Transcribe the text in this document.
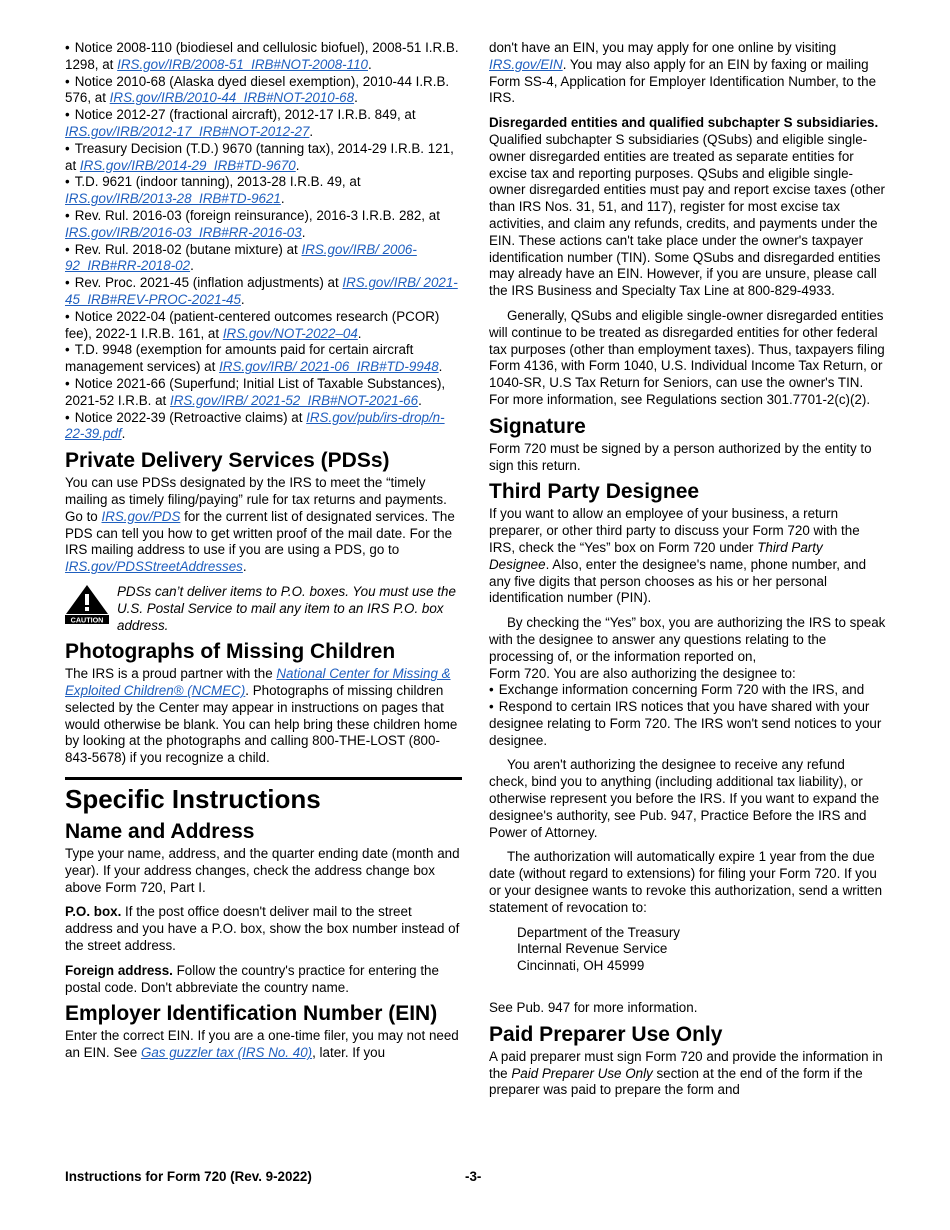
• Notice 2008-110 (biodiesel and cellulosic biofuel), 2008-51 I.R.B. 1298, at IRS.gov/IRB/2008-51_IRB#NOT-2008-110.

• Notice 2010-68 (Alaska dyed diesel exemption), 2010-44 I.R.B. 576, at IRS.gov/IRB/2010-44_IRB#NOT-2010-68.

• Notice 2012-27 (fractional aircraft), 2012-17 I.R.B. 849, at IRS.gov/IRB/2012-17_IRB#NOT-2012-27.

• Treasury Decision (T.D.) 9670 (tanning tax), 2014-29 I.R.B. 121, at IRS.gov/IRB/2014-29_IRB#TD-9670.

• T.D. 9621 (indoor tanning), 2013-28 I.R.B. 49, at IRS.gov/IRB/2013-28_IRB#TD-9621.

• Rev. Rul. 2016-03 (foreign reinsurance), 2016-3 I.R.B. 282, at IRS.gov/IRB/2016-03_IRB#RR-2016-03.

• Rev. Rul. 2018-02 (butane mixture) at IRS.gov/IRB/ 2006-92_IRB#RR-2018-02.

• Rev. Proc. 2021-45 (inflation adjustments) at IRS.gov/IRB/ 2021-45_IRB#REV-PROC-2021-45.

• Notice 2022-04 (patient-centered outcomes research (PCOR) fee), 2022-1 I.R.B. 161, at IRS.gov/NOT-2022–04.

• T.D. 9948 (exemption for amounts paid for certain aircraft management services) at IRS.gov/IRB/ 2021-06_IRB#TD-9948.

• Notice 2021-66 (Superfund; Initial List of Taxable Substances), 2021-52 I.R.B. at IRS.gov/IRB/ 2021-52_IRB#NOT-2021-66.

• Notice 2022-39 (Retroactive claims) at IRS.gov/pub/irs-drop/n-22-39.pdf.

Private Delivery Services (PDSs)

You can use PDSs designated by the IRS to meet the “timely mailing as timely filing/paying” rule for tax returns and payments. Go to IRS.gov/PDS for the current list of designated services. The PDS can tell you how to get written proof of the mail date. For the IRS mailing address to use if you are using a PDS, go to IRS.gov/PDSStreetAddresses.

CAUTION

PDSs can’t deliver items to P.O. boxes. You must use the U.S. Postal Service to mail any item to an IRS P.O. box address.

Photographs of Missing Children

The IRS is a proud partner with the National Center for Missing & Exploited Children® (NCMEC). Photographs of missing children selected by the Center may appear in instructions on pages that would otherwise be blank. You can help bring these children home by looking at the photographs and calling 800-THE-LOST (800-843-5678) if you recognize a child.

Specific Instructions
Name and Address

Type your name, address, and the quarter ending date (month and year). If your address changes, check the address change box above Form 720, Part I.

P.O. box. If the post office doesn't deliver mail to the street address and you have a P.O. box, show the box number instead of the street address.

Foreign address. Follow the country's practice for entering the postal code. Don't abbreviate the country name.

Employer Identification Number (EIN)

Enter the correct EIN. If you are a one-time filer, you may not need an EIN. See Gas guzzler tax (IRS No. 40), later. If you

don't have an EIN, you may apply for one online by visiting IRS.gov/EIN. You may also apply for an EIN by faxing or mailing Form SS-4, Application for Employer Identification Number, to the IRS.

Disregarded entities and qualified subchapter S subsidiaries. Qualified subchapter S subsidiaries (QSubs) and eligible single-owner disregarded entities are treated as separate entities for excise tax and reporting purposes. QSubs and eligible single-owner disregarded entities must pay and report excise taxes (other than IRS Nos. 31, 51, and 117), register for most excise tax activities, and claim any refunds, credits, and payments under the EIN. These actions can't take place under the owner's taxpayer identification number (TIN). Some QSubs and disregarded entities may already have an EIN. However, if you are unsure, please call the IRS Business and Specialty Tax Line at 800-829-4933.

Generally, QSubs and eligible single-owner disregarded entities will continue to be treated as disregarded entities for other federal tax purposes (other than employment taxes). Thus, taxpayers filing Form 4136, with Form 1040, U.S. Individual Income Tax Return, or 1040-SR, U.S Tax Return for Seniors, can use the owner's TIN. For more information, see Regulations section 301.7701-2(c)(2).

Signature

Form 720 must be signed by a person authorized by the entity to sign this return.

Third Party Designee

If you want to allow an employee of your business, a return preparer, or other third party to discuss your Form 720 with the IRS, check the “Yes” box on Form 720 under Third Party Designee. Also, enter the designee's name, phone number, and any five digits that person chooses as his or her personal identification number (PIN).

By checking the “Yes” box, you are authorizing the IRS to speak with the designee to answer any questions relating to the processing of, or the information reported on,

Form 720. You are also authorizing the designee to:

• Exchange information concerning Form 720 with the IRS, and

• Respond to certain IRS notices that you have shared with your designee relating to Form 720. The IRS won't send notices to your designee.

You aren't authorizing the designee to receive any refund check, bind you to anything (including additional tax liability), or otherwise represent you before the IRS. If you want to expand the designee's authority, see Pub. 947, Practice Before the IRS and Power of Attorney.

The authorization will automatically expire 1 year from the due date (without regard to extensions) for filing your Form 720. If you or your designee wants to revoke this authorization, send a written statement of revocation to:

Department of the Treasury

Internal Revenue Service

Cincinnati, OH 45999

See Pub. 947 for more information.

Paid Preparer Use Only

A paid preparer must sign Form 720 and provide the information in the Paid Preparer Use Only section at the end of the form if the preparer was paid to prepare the form and

Instructions for Form 720 (Rev. 9-2022)	-3-
